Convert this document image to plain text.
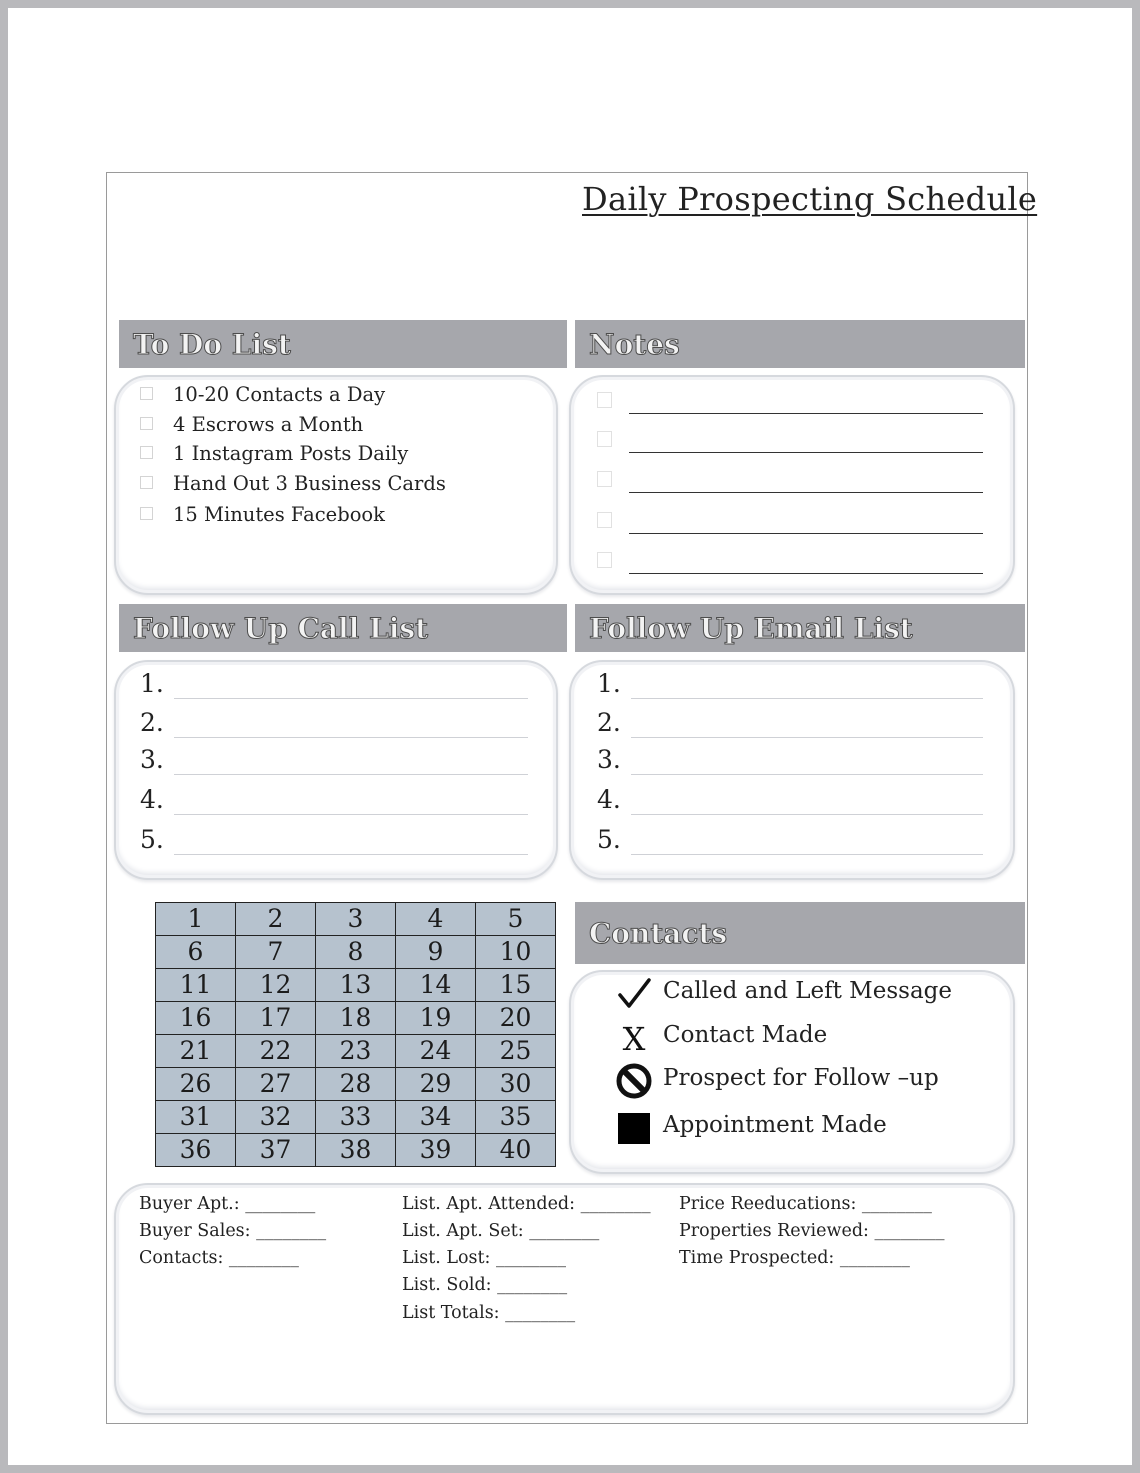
Daily Prospecting Schedule
To Do List
10-20 Contacts a Day
4 Escrows a Month
1 Instagram Posts Daily
Hand Out 3 Business Cards
15 Minutes Facebook
Notes
Follow Up Call List
1.
2.
3.
4.
5.
Follow Up Email List
1.
2.
3.
4.
5.
1	2	3	4	5
6	7	8	9	10
11	12	13	14	15
16	17	18	19	20
21	22	23	24	25
26	27	28	29	30
31	32	33	34	35
36	37	38	39	40
Contacts
Called and Left Message
X Contact Made
Prospect for Follow –up
Appointment Made
Buyer Apt.: ________
Buyer Sales: ________
Contacts: ________
List. Apt. Attended: ________
List. Apt. Set: ________
List. Lost: ________
List. Sold: ________
List Totals: ________
Price Reeducations: ________
Properties Reviewed: ________
Time Prospected: ________
